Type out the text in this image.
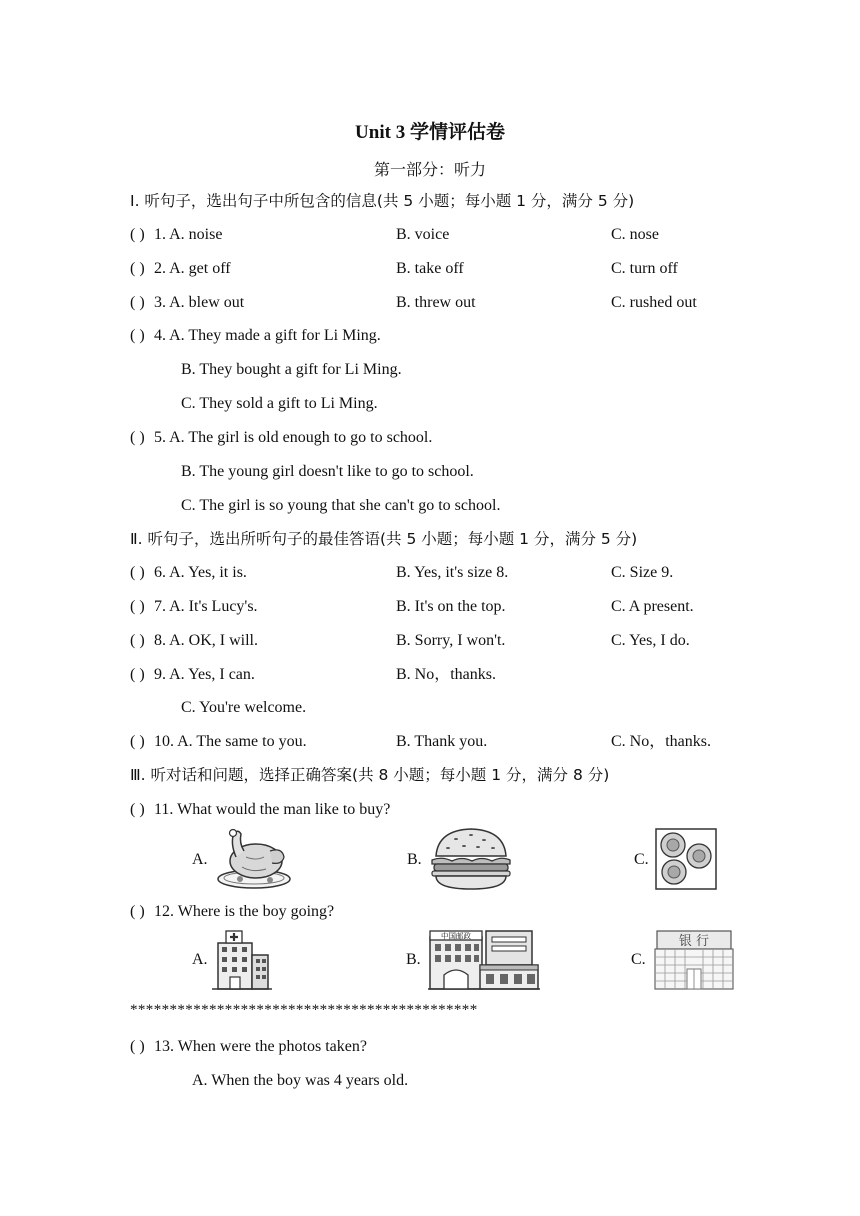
Unit 3 学情评估卷
第一部分：听力
Ⅰ. 听句子，选出句子中所包含的信息(共 5 小题；每小题 1 分，满分 5 分)
( ) 1. A. noise	B. voice	C. nose
( ) 2. A. get off	B. take off	C. turn off
( ) 3. A. blew out	B. threw out	C. rushed out
( ) 4. A. They made a gift for Li Ming.
B. They bought a gift for Li Ming.
C. They sold a gift to Li Ming.
( ) 5. A. The girl is old enough to go to school.
B. The young girl doesn't like to go to school.
C. The girl is so young that she can't go to school.
Ⅱ. 听句子，选出所听句子的最佳答语(共 5 小题；每小题 1 分，满分 5 分)
( ) 6. A. Yes, it is.	B. Yes, it's size 8.	C. Size 9.
( ) 7. A. It's Lucy's.	B. It's on the top.	C. A present.
( ) 8. A. OK, I will.	B. Sorry, I won't.	C. Yes, I do.
( ) 9. A. Yes, I can.	B. No，thanks.
C. You're welcome.
( ) 10. A. The same to you.	B. Thank you.	C. No，thanks.
Ⅲ. 听对话和问题，选择正确答案(共 8 小题；每小题 1 分，满分 8 分)
( ) 11. What would the man like to buy?
A.	B.	C.
( ) 12. Where is the boy going?
A.	B.
中国邮政
C.
银 行
********************************************
( ) 13. When were the photos taken?
A. When the boy was 4 years old.
